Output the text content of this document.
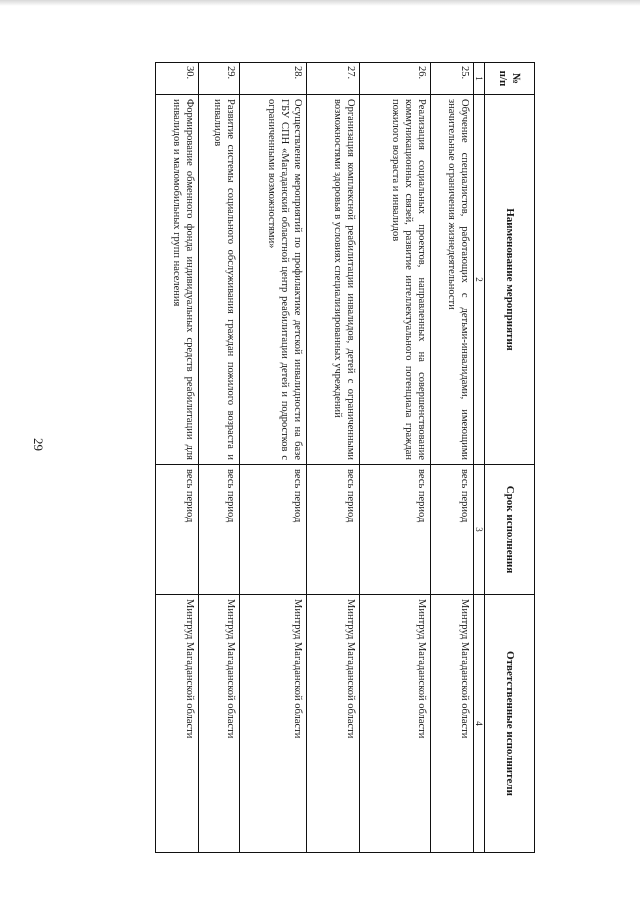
29
№ п/п	Наименование мероприятия	Срок исполнения	Ответственные исполнители
1	2	3	4
25.	Обучение специалистов, работающих с детьми-инвалидами, имеющими значительные ограничения жизнедеятельности	весь период	Минтруд Магаданской области
26.	Реализация социальных проектов, направленных на совершенствование коммуникационных связей, развитие интеллектуального потенциала граждан пожилого возраста и инвалидов	весь период	Минтруд Магаданской области
27.	Организация комплексной реабилитации инвалидов, детей с ограниченными возможностями здоровья в условиях специализированных учреждений	весь период	Минтруд Магаданской области
28.	Осуществление мероприятий по профилактике детской инвалидности на базе ГБУ СПН «Магаданский областной центр реабилитации детей и подростков с ограниченными возможностями»	весь период	Минтруд Магаданской области
29.	Развитие системы социального обслуживания граждан пожилого возраста и инвалидов	весь период	Минтруд Магаданской области
30.	Формирование обменного фонда индивидуальных средств реабилитации для инвалидов и маломобильных групп населения	весь период	Минтруд Магаданской области
